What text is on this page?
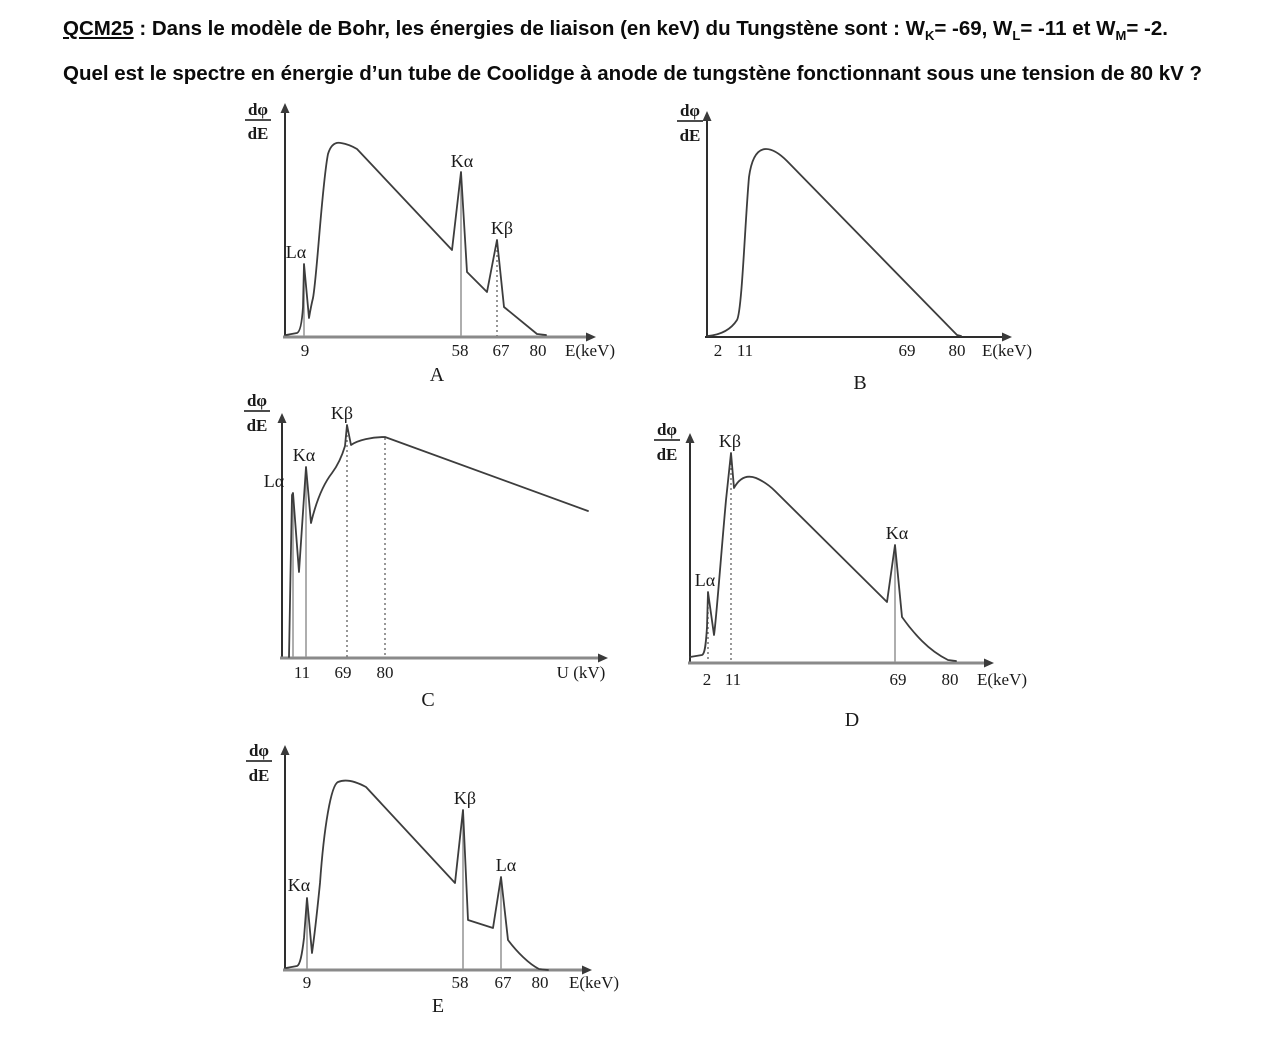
QCM25 : Dans le modèle de Bohr, les énergies de liaison (en keV) du Tungstène sont : $W_K= -69$, $W_L= -11$ et $W_M= -2$.
Quel est le spectre en énergie d’un tube de Coolidge à anode de tungstène fonctionnant sous une tension de 80 kV ?
dφ
dE
Lα
Kα
Kβ
9	58 67 80 E(keV)
A
dφ
dE
2 11	69 80 E(keV)
B
dφ
dE
Lα
Kα
Kβ
11 69 80	U (kV)
C
dφ
dE
Lα
Kβ
Kα
2 11	69 80 E(keV)
D
dφ
dE
Kα
Kβ
Lα
9	58 67 80 E(keV)
E
